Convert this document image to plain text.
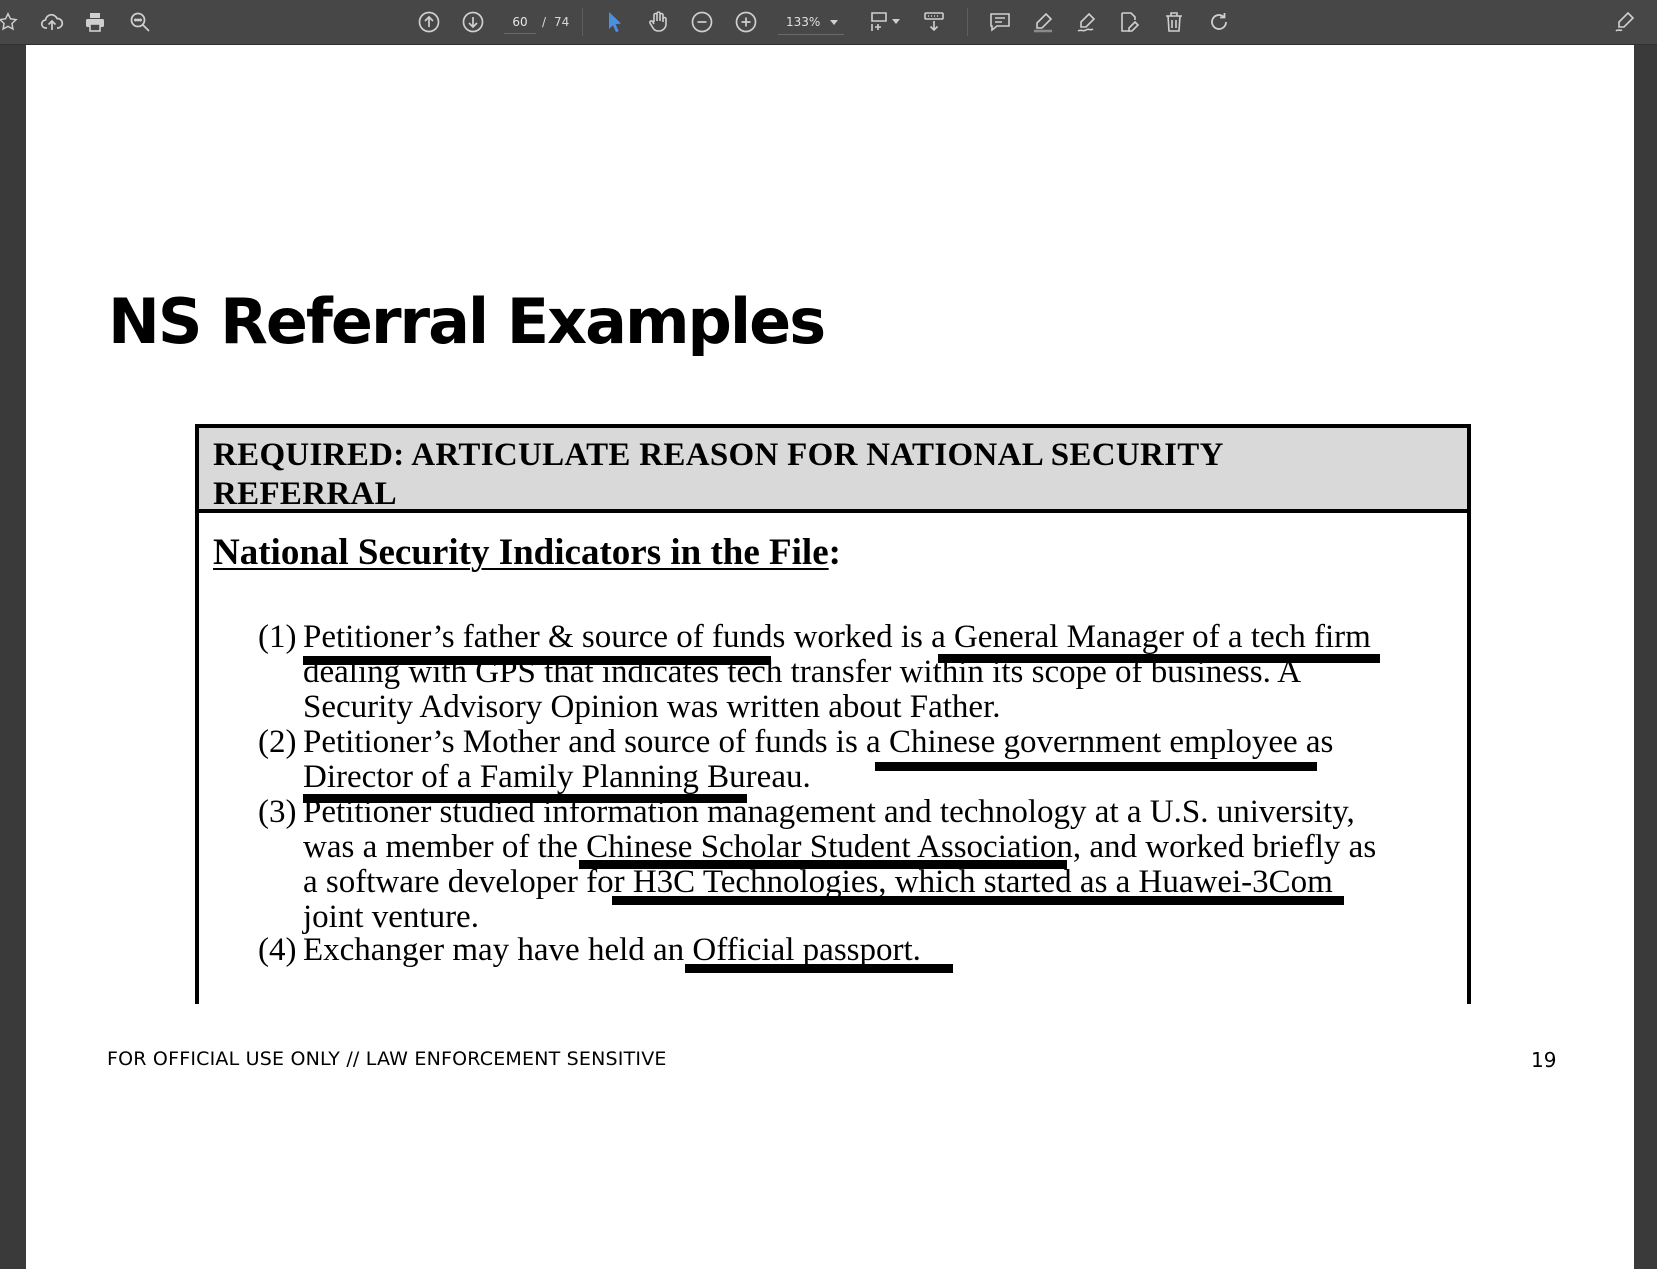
60
/ 74	133%
NS Referral Examples
REQUIRED: ARTICULATE REASON FOR NATIONAL SECURITY
REFERRAL
National Security Indicators in the File:
(1) Petitioner’s father & source of funds worked is a General Manager of a tech firm
dealing with GPS that indicates tech transfer within its scope of business. A
Security Advisory Opinion was written about Father.
(2) Petitioner’s Mother and source of funds is a Chinese government employee as
Director of a Family Planning Bureau.
(3) Petitioner studied information management and technology at a U.S. university,
was a member of the Chinese Scholar Student Association, and worked briefly as
a software developer for H3C Technologies, which started as a Huawei-3Com
joint venture.
(4) Exchanger may have held an Official passport.
FOR OFFICIAL USE ONLY // LAW ENFORCEMENT SENSITIVE	19
